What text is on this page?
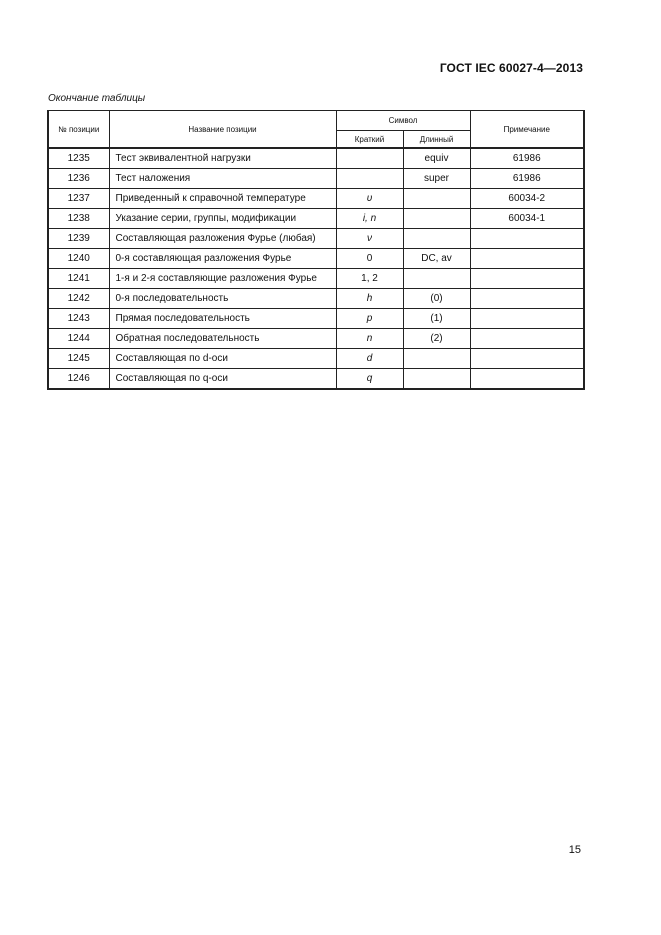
ГОСТ IEC 60027-4—2013
Окончание таблицы
№ позиции	Название позиции	Символ		Примечание
		Краткий	Длинный	
1235	Тест эквивалентной нагрузки		equiv	61986
1236	Тест наложения		super	61986
1237	Приведенный к справочной температуре	υ		60034-2
1238	Указание серии, группы, модификации	i, n		60034-1
1239	Составляющая разложения Фурье (любая)	ν		
1240	0-я составляющая разложения Фурье	0	DC, av	
1241	1-я и 2-я составляющие разложения Фурье	1, 2		
1242	0-я последовательность	h	(0)	
1243	Прямая последовательность	p	(1)	
1244	Обратная последовательность	n	(2)	
1245	Составляющая по d-оси	d		
1246	Составляющая по q-оси	q		
15
